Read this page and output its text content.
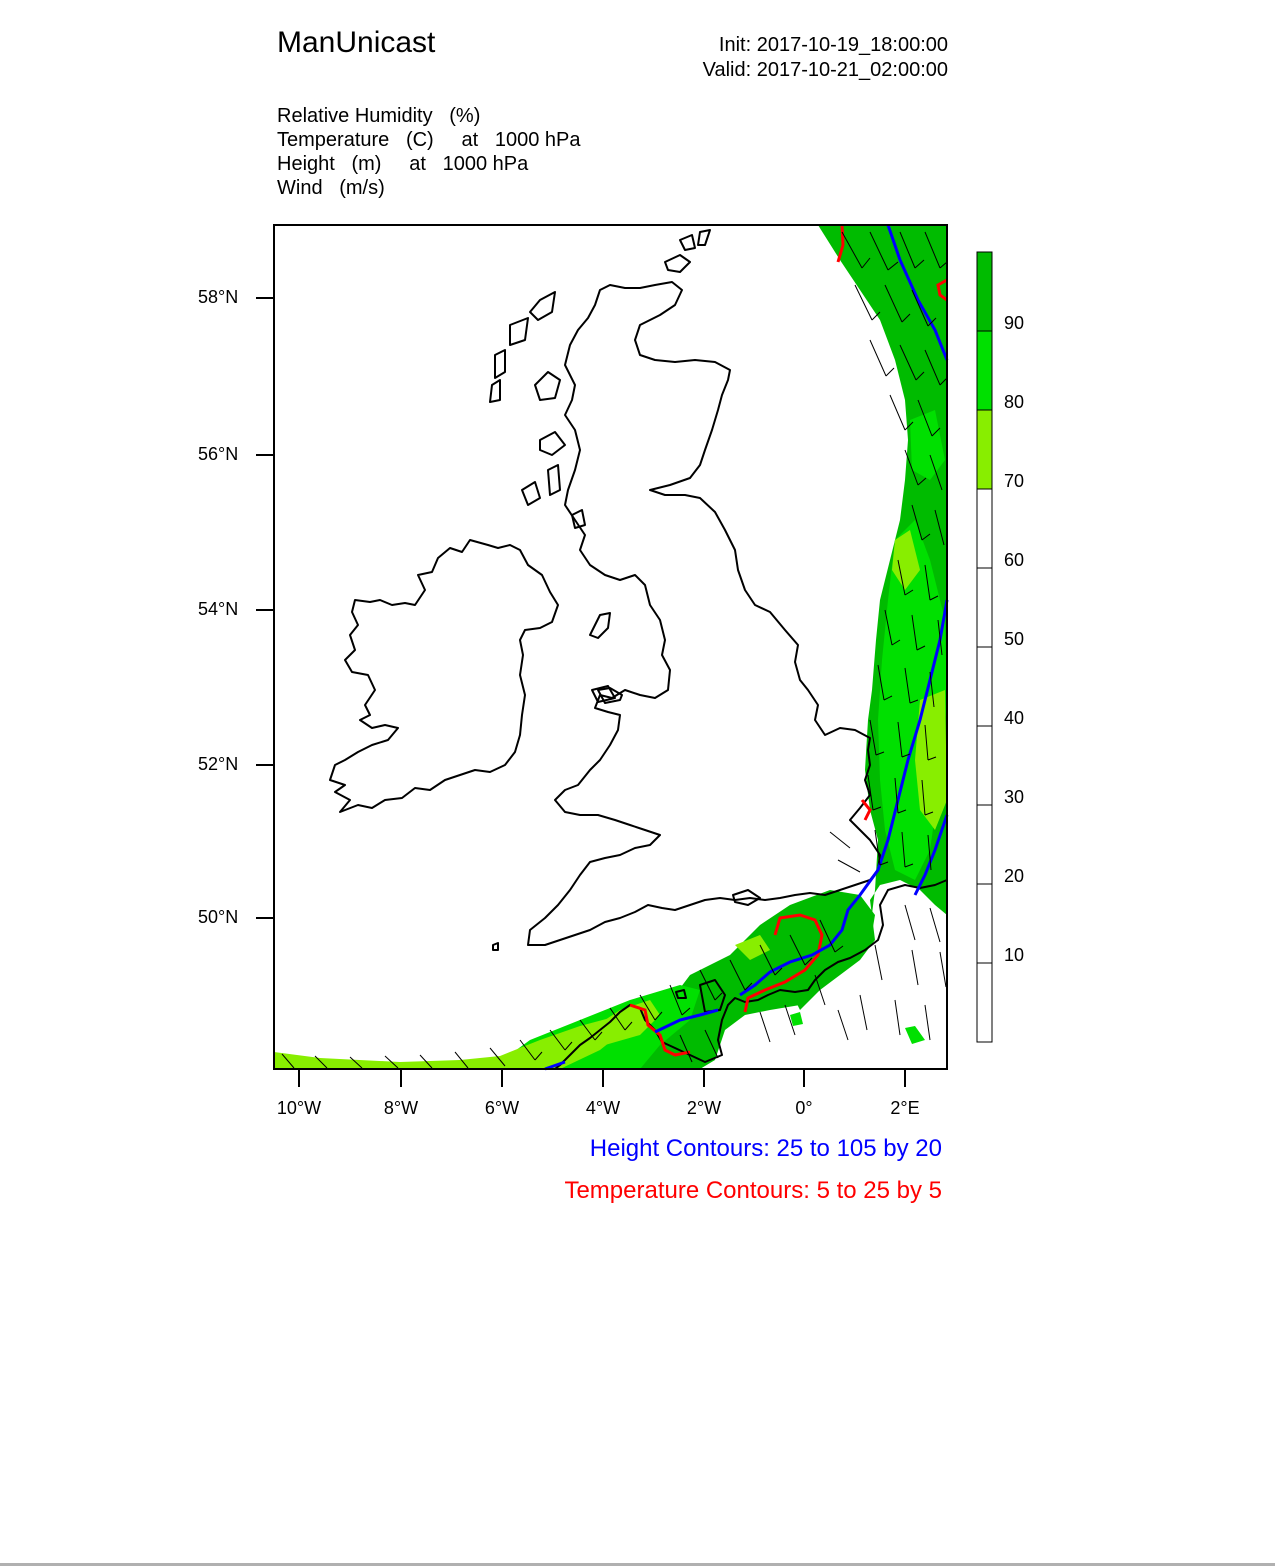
ManUnicast	Init: 2017-10-19_18:00:00
Valid: 2017-10-21_02:00:00
Relative Humidity   (%)
Temperature   (C)     at   1000 hPa
Height   (m)     at   1000 hPa
Wind   (m/s)
58°N
56°N
54°N
52°N
50°N
10°W	8°W	6°W	4°W	2°W	0°	2°E
90
80
70
60
50
40
30
20
10
Height Contours: 25 to 105 by 20
Temperature Contours: 5 to 25 by 5
